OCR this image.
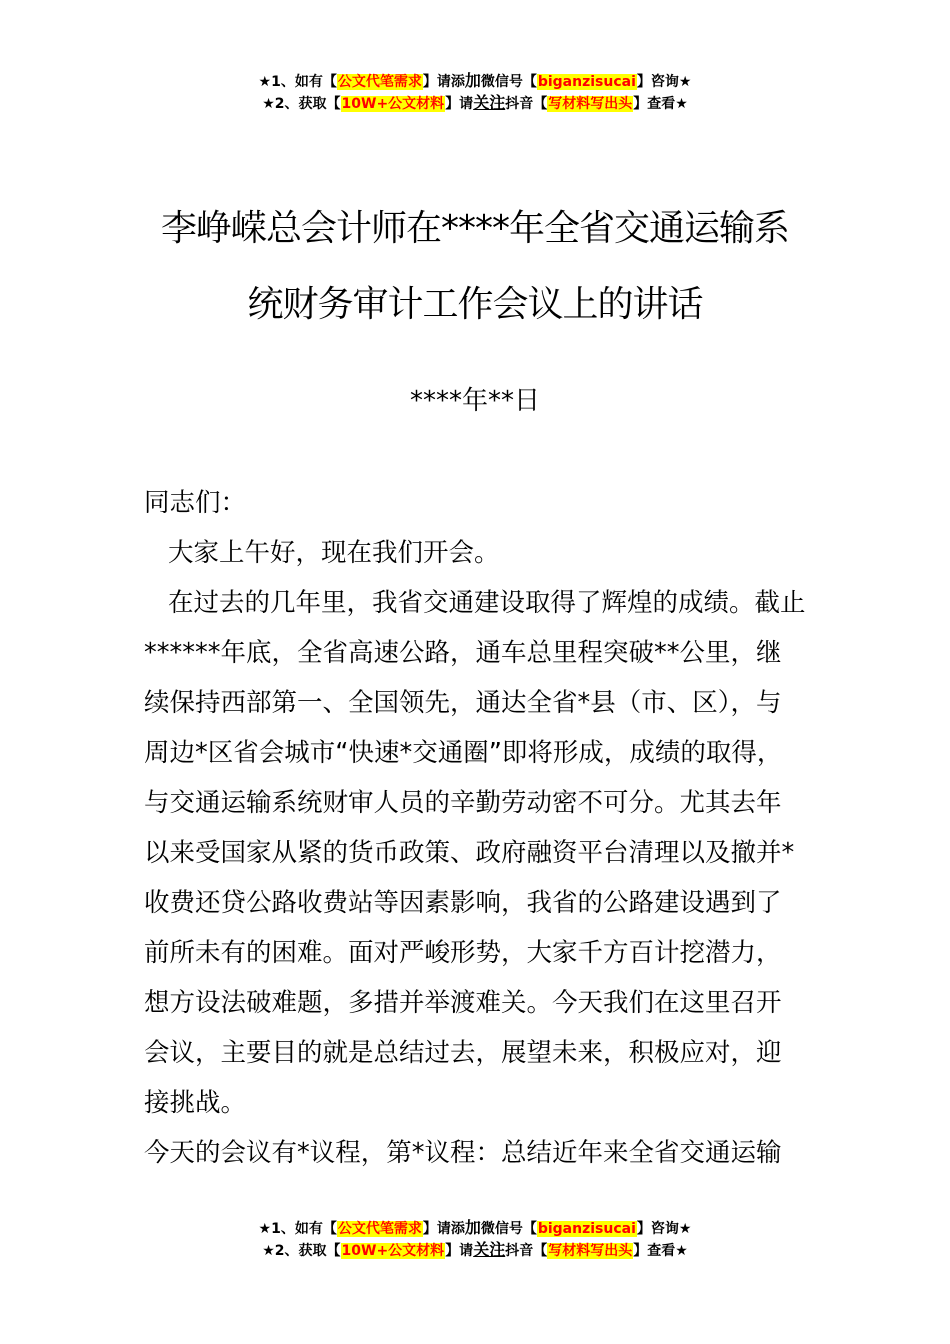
★1、如有【公文代笔需求】请添加微信号【biganzisucai】咨询★
★2、获取【10W+公文材料】请关注抖音【写材料写出头】查看★
李峥嵘总会计师在****年全省交通运输系
统财务审计工作会议上的讲话
****年**日

同志们：

大家上午好，现在我们开会。

在过去的几年里，我省交通建设取得了辉煌的成绩。截止

******年底，全省高速公路，通车总里程突破**公里，继

续保持西部第一、全国领先，通达全省*县（市、区），与

周边*区省会城市“快速*交通圈”即将形成，成绩的取得，

与交通运输系统财审人员的辛勤劳动密不可分。尤其去年

以来受国家从紧的货币政策、政府融资平台清理以及撤并*

收费还贷公路收费站等因素影响，我省的公路建设遇到了

前所未有的困难。面对严峻形势，大家千方百计挖潜力，

想方设法破难题，多措并举渡难关。今天我们在这里召开

会议，主要目的就是总结过去，展望未来，积极应对，迎

接挑战。

今天的会议有*议程，第*议程：总结近年来全省交通运输

★1、如有【公文代笔需求】请添加微信号【biganzisucai】咨询★
★2、获取【10W+公文材料】请关注抖音【写材料写出头】查看★
